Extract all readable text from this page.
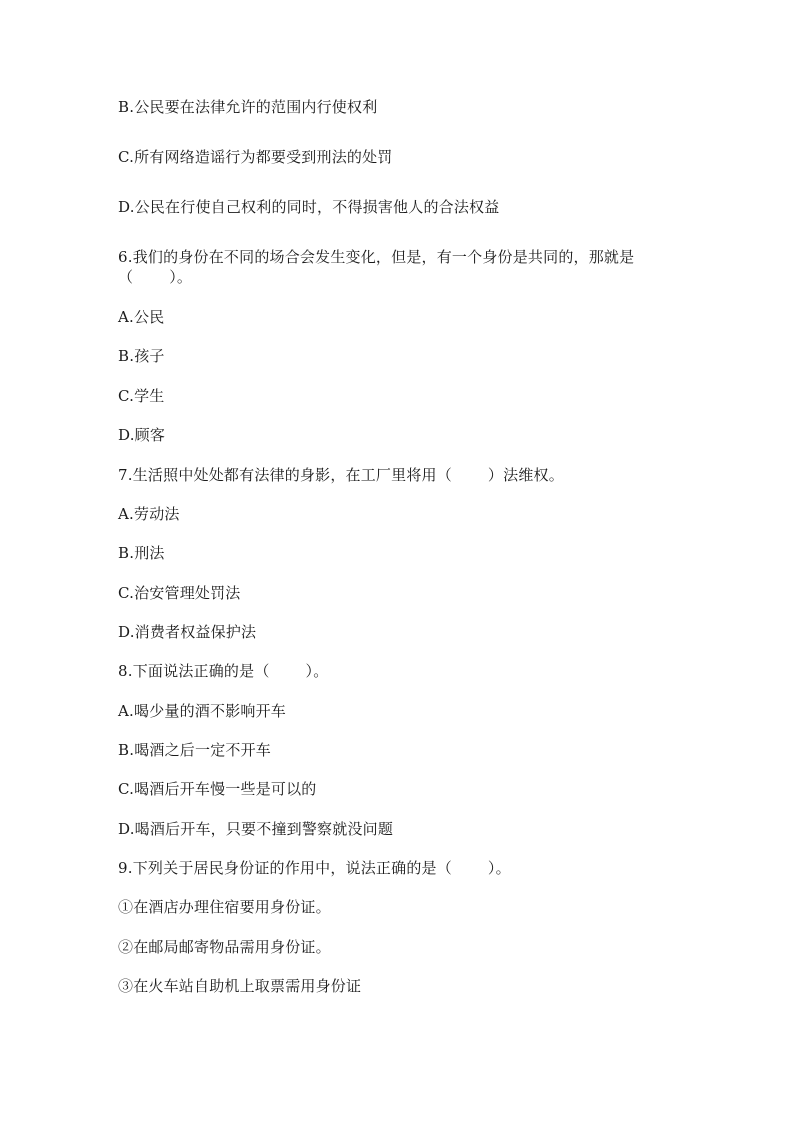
B.公民要在法律允许的范围内行使权利
C.所有网络造谣行为都要受到刑法的处罚
D.公民在行使自己权利的同时，不得损害他人的合法权益
6.我们的身份在不同的场合会发生变化，但是，有一个身份是共同的，那就是
（ ）。
A.公民
B.孩子
C.学生
D.顾客
7.生活照中处处都有法律的身影，在工厂里将用（ ）法维权。
A.劳动法
B.刑法
C.治安管理处罚法
D.消费者权益保护法
8.下面说法正确的是（ ）。
A.喝少量的酒不影响开车
B.喝酒之后一定不开车
C.喝酒后开车慢一些是可以的
D.喝酒后开车，只要不撞到警察就没问题
9.下列关于居民身份证的作用中，说法正确的是（ ）。
①在酒店办理住宿要用身份证。
②在邮局邮寄物品需用身份证。
③在火车站自助机上取票需用身份证
